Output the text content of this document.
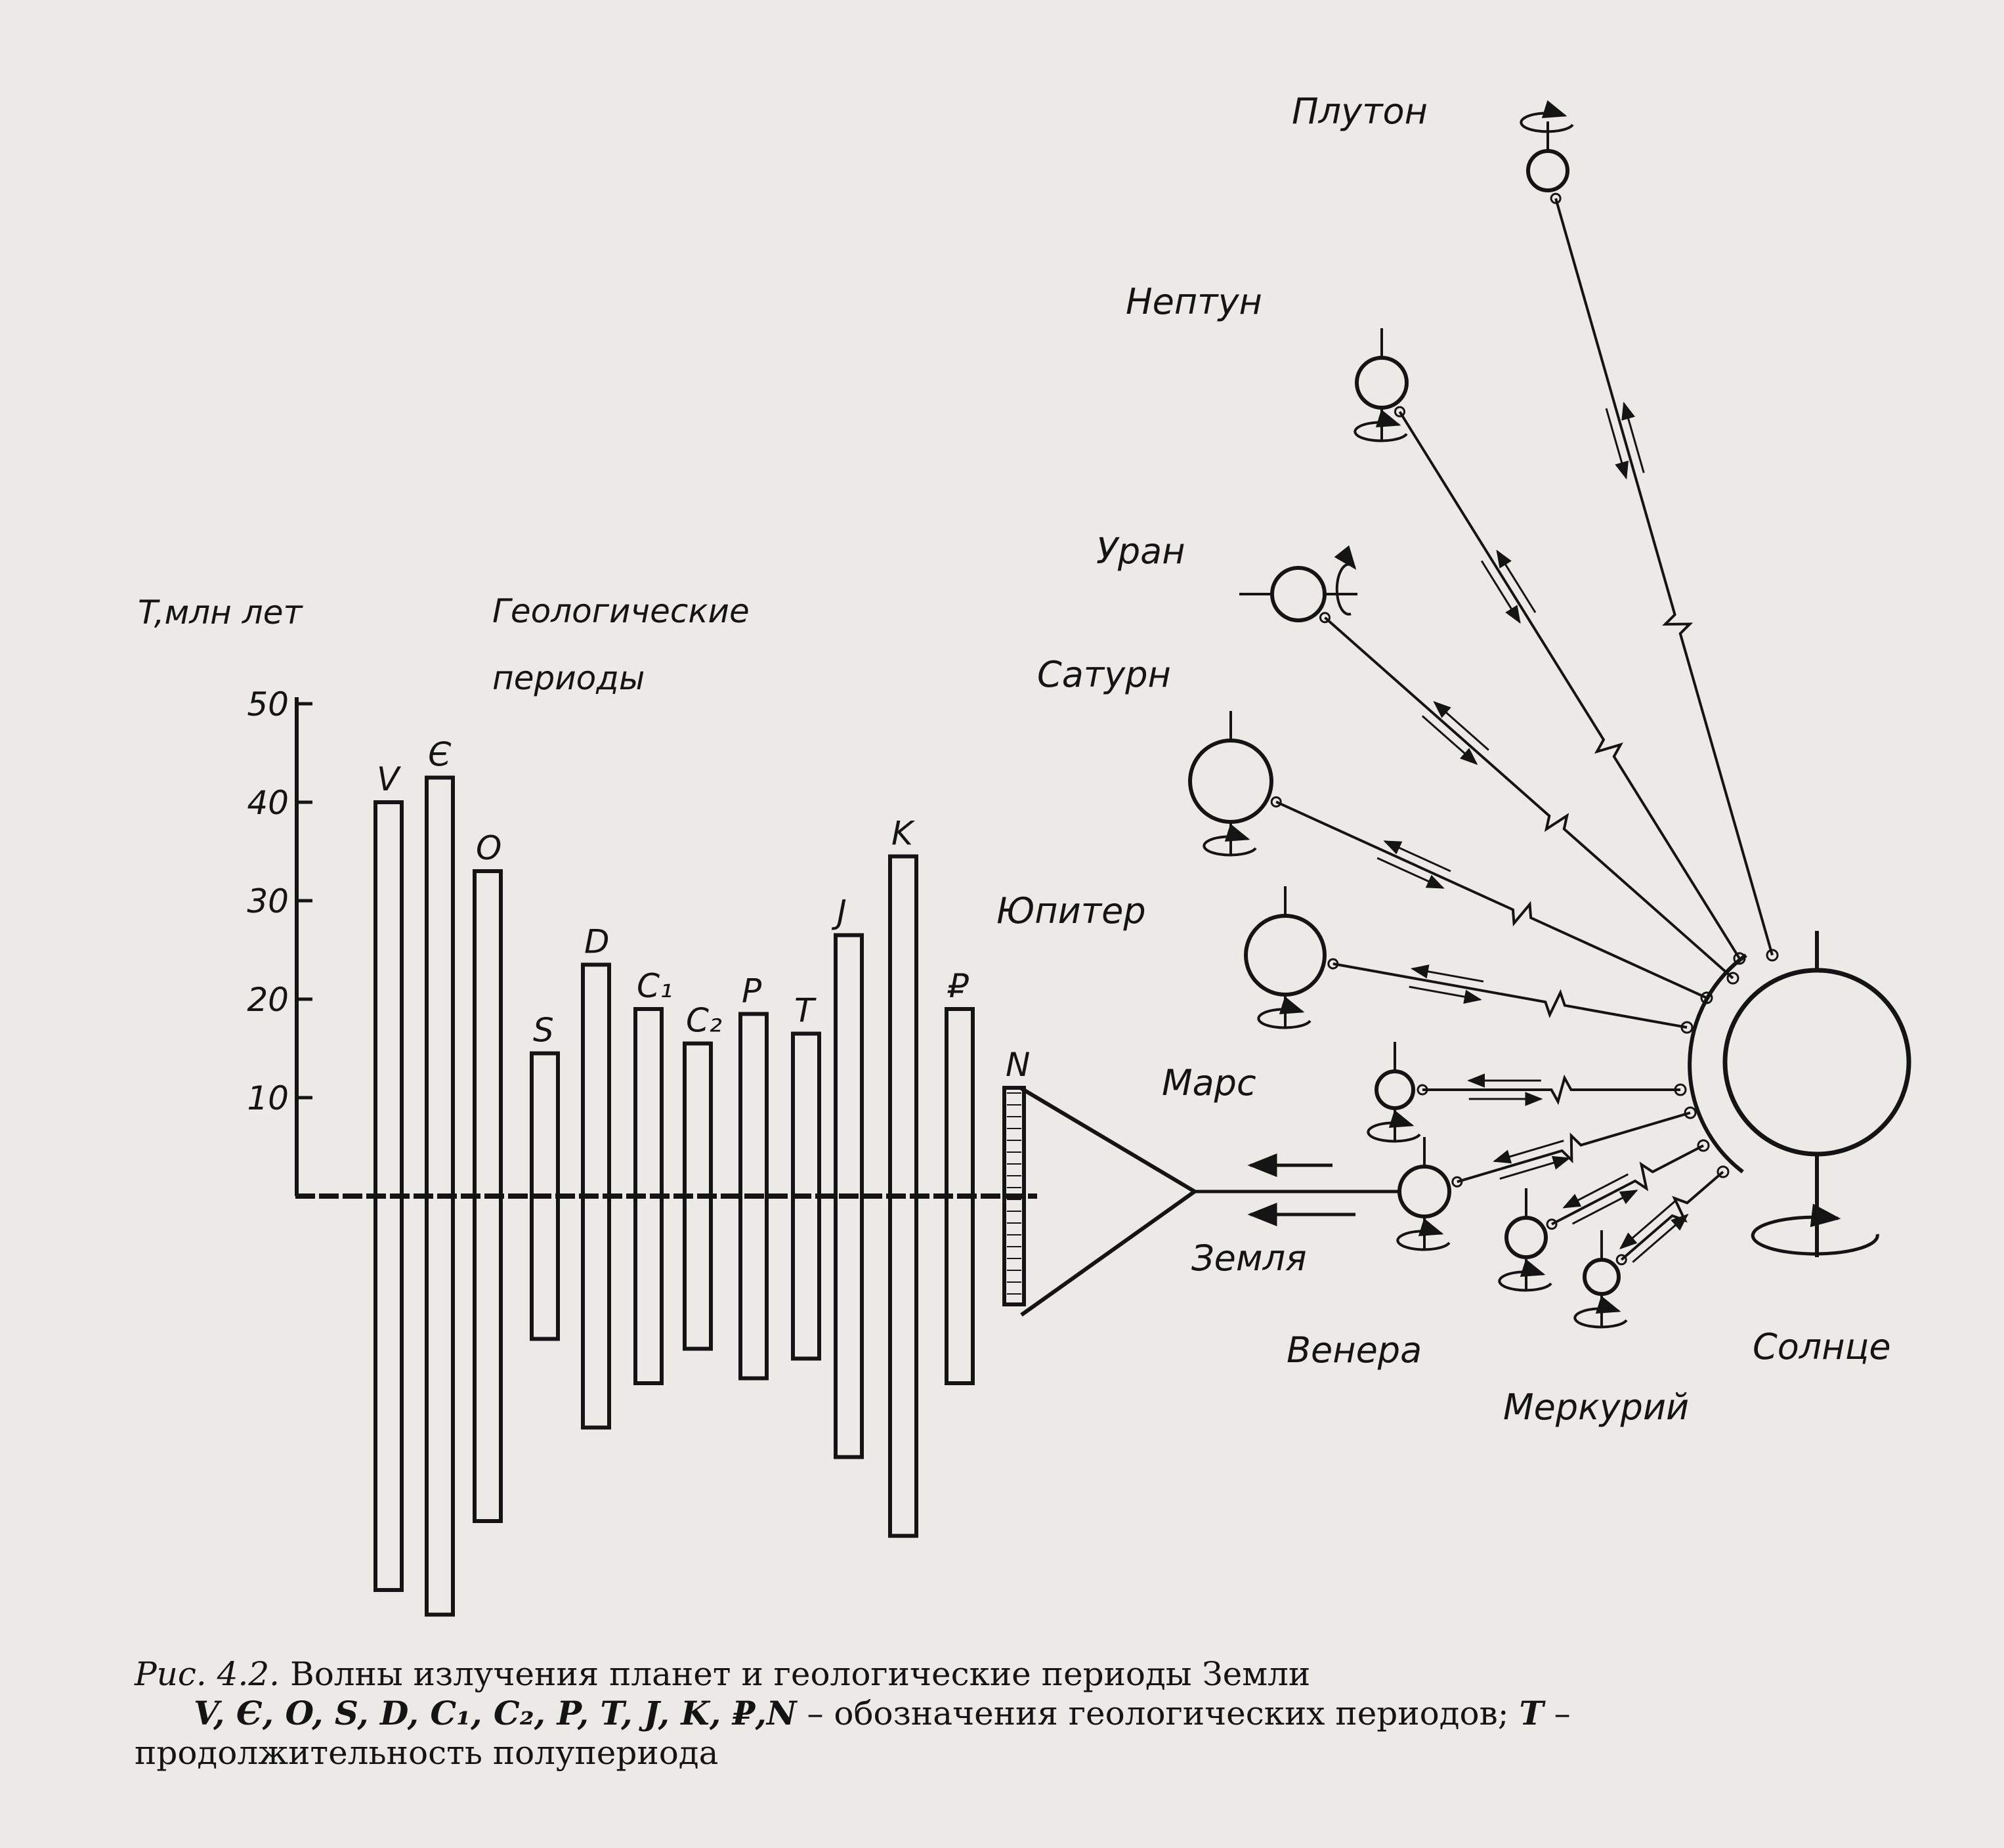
T,млн лет	Геологические
периоды
50
40
30
20
10
V
Є
O
S
D
C₁
C₂
P
T
J
K
₽
N
Солнце
Плутон
Нептун
Уран
Сатурн
Юпитер
Марс
Земля
Венера
Меркурий

Рис. 4.2. Волны излучения планет и геологические периоды Земли

V, Є, O, S, D, C₁, C₂, P, T, J, K, ₽,N – обозначения геологических периодов; T –

продолжительность полупериода
